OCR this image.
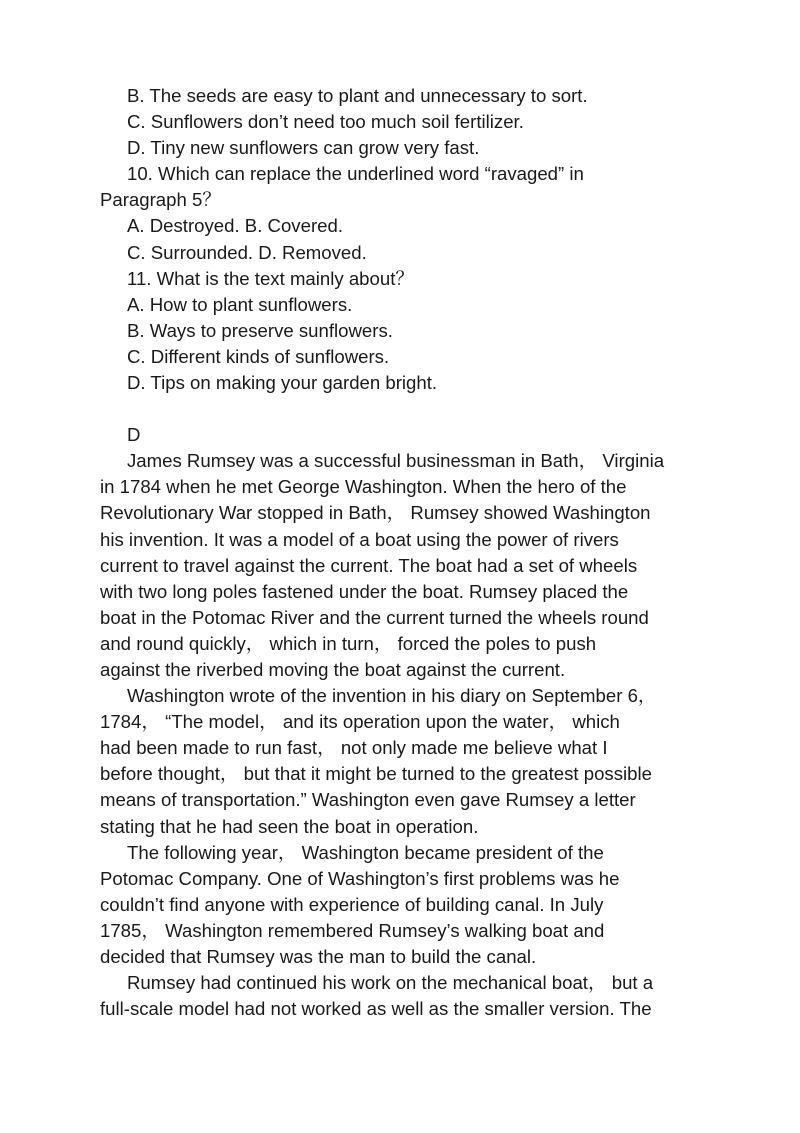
B. The seeds are easy to plant and unnecessary to sort.
C. Sunflowers don’t need too much soil fertilizer.
D. Tiny new sunflowers can grow very fast.
10. Which can replace the underlined word “ravaged” in
Paragraph 5？
A. Destroyed. B. Covered.
C. Surrounded. D. Removed.
11. What is the text mainly about？
A. How to plant sunflowers.
B. Ways to preserve sunflowers.
C. Different kinds of sunflowers.
D. Tips on making your garden bright.
D
James Rumsey was a successful businessman in Bath， Virginia
in 1784 when he met George Washington. When the hero of the
Revolutionary War stopped in Bath， Rumsey showed Washington
his invention. It was a model of a boat using the power of rivers
current to travel against the current. The boat had a set of wheels
with two long poles fastened under the boat. Rumsey placed the
boat in the Potomac River and the current turned the wheels round
and round quickly， which in turn， forced the poles to push
against the riverbed moving the boat against the current.
Washington wrote of the invention in his diary on September 6，
1784， “The model， and its operation upon the water， which
had been made to run fast， not only made me believe what I
before thought， but that it might be turned to the greatest possible
means of transportation.” Washington even gave Rumsey a letter
stating that he had seen the boat in operation.
The following year， Washington became president of the
Potomac Company. One of Washington’s first problems was he
couldn’t find anyone with experience of building canal. In July
1785， Washington remembered Rumsey’s walking boat and
decided that Rumsey was the man to build the canal.
Rumsey had continued his work on the mechanical boat， but a
full-scale model had not worked as well as the smaller version. The
